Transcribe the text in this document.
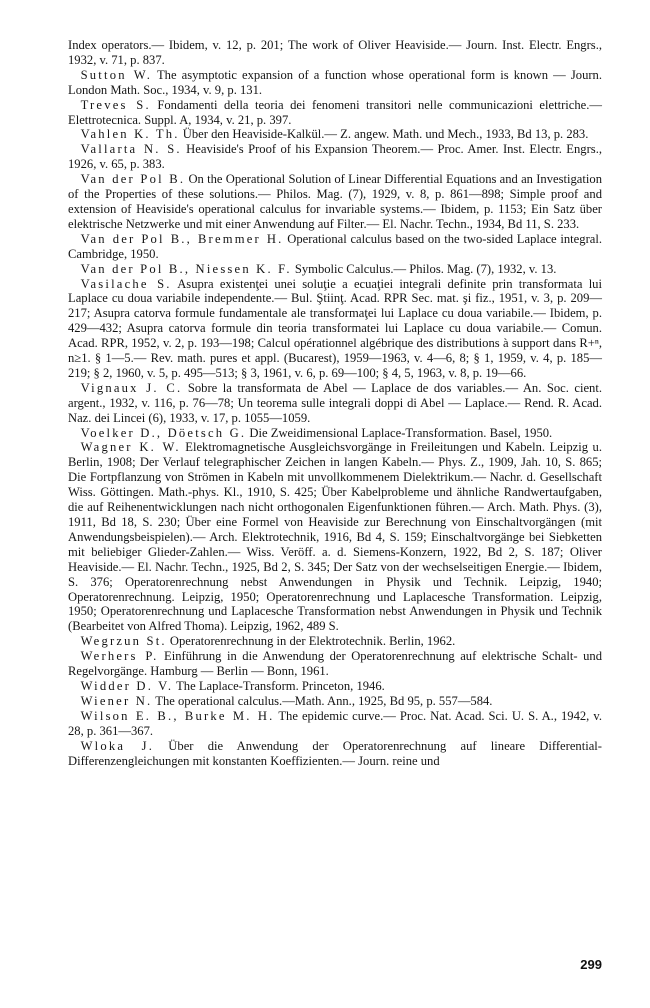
Index operators.— Ibidem, v. 12, p. 201; The work of Oliver Heaviside.— Journ. Inst. Electr. Engrs., 1932, v. 71, p. 837.

 Sutton W. The asymptotic expansion of a function whose operational form is known — Journ. London Math. Soc., 1934, v. 9, p. 131.

 Treves S. Fondamenti della teoria dei fenomeni transitori nelle communicazioni elettriche.— Elettrotecnica. Suppl. A, 1934, v. 21, p. 397.

 Vahlen K. Th. Über den Heavisidе-Kalkül.— Z. angew. Math. und Mech., 1933, Bd 13, p. 283.

 Vallarta N. S. Heaviside's Proof of his Expansion Theorem.— Proc. Amer. Inst. Electr. Engrs., 1926, v. 65, p. 383.

 Van der Pol B. On the Operational Solution of Linear Differential Equations and an Investigation of the Properties of these solutions.— Philos. Mag. (7), 1929, v. 8, p. 861—898; Simple proof and extension of Heaviside's operational calculus for invariable systems.— Ibidem, p. 1153; Ein Satz über elektrische Netzwerke und mit einer Anwendung auf Filter.— El. Nachr. Techn., 1934, Bd 11, S. 233.

 Van der Pol B., Bremmer H. Operational calculus based on the two-sided Laplace integral. Cambridge, 1950.

 Van der Pol B., Niessen K. F. Symbolic Calculus.— Philos. Mag. (7), 1932, v. 13.

 Vasilache S. Asupra existenţei unei soluţie a ecuaţiei integrali definite prin transformata lui Laplace cu doua variabile independente.— Bul. Ştiinţ. Acad. RPR Sec. mat. şi fiz., 1951, v. 3, p. 209—217; Asupra catorva formule fundamentale ale transformaţei lui Laplace cu doua variabile.— Ibidem, p. 429—432; Asupra catorva formule din teoria transformatei lui Laplace cu doua variabile.— Comun. Acad. RPR, 1952, v. 2, p. 193—198; Calcul opérationnel algébrique des distributions à support dans R+ⁿ, n≥1. § 1—5.— Rev. math. pures et appl. (Bucarest), 1959—1963, v. 4—6, 8; § 1, 1959, v. 4, p. 185—219; § 2, 1960, v. 5, p. 495—513; § 3, 1961, v. 6, p. 69—100; § 4, 5, 1963, v. 8, p. 19—66.

 Vignaux J. C. Sobre la transformata de Abel — Laplace de dos variables.— An. Soc. cient. argent., 1932, v. 116, p. 76—78; Un teorema sulle integrali doppi di Abel — Laplace.— Rend. R. Acad. Naz. dei Lincei (6), 1933, v. 17, p. 1055—1059.

 Voelker D., Döetsch G. Die Zweidimensional Laplace-Transformation. Basel, 1950.

 Wagner K. W. Elektromagnetische Ausgleichsvorgänge in Freileitungen und Kabeln. Leipzig u. Berlin, 1908; Der Verlauf telegraphischer Zeichen in langen Kabeln.— Phys. Z., 1909, Jah. 10, S. 865; Die Fortpflanzung von Strömen in Kabeln mit unvollkommenem Dielektrikum.— Nachr. d. Gesellschaft Wiss. Göttingen. Math.-phys. Kl., 1910, S. 425; Über Kabelprobleme und ähnliche Randwertaufgaben, die auf Reihenentwicklungen nach nicht orthogonalen Eigenfunktionen führen.— Arch. Math. Phys. (3), 1911, Bd 18, S. 230; Über eine Formel von Heaviside zur Berechnung von Einschaltvorgängen (mit Anwendungsbeispielen).— Arch. Elektrotechnik, 1916, Bd 4, S. 159; Einschaltvorgänge bei Siebketten mit beliebiger Glieder-Zahlen.— Wiss. Veröff. a. d. Siemens-Konzern, 1922, Bd 2, S. 187; Oliver Heaviside.— El. Nachr. Techn., 1925, Bd 2, S. 345; Der Satz von der wechselseitigen Energie.— Ibidem, S. 376; Operatorenrechnung nebst Anwendungen in Physik und Technik. Leipzig, 1940; Operatorenrechnung. Leipzig, 1950; Operatorenrechnung und Laplacesche Transformation. Leipzig, 1950; Operatorenrechnung und Laplacesche Transformation nebst Anwendungen in Physik und Technik (Bearbeitet von Alfred Thoma). Leipzig, 1962, 489 S.

 Wegrzun St. Operatorenrechnung in der Elektrotechnik. Berlin, 1962.

 Werhers P. Einführung in die Anwendung der Operatorenrechnung auf elektrische Schalt- und Regelvorgänge. Hamburg — Berlin — Bonn, 1961.

 Widder D. V. The Laplace-Transform. Princeton, 1946.

 Wiener N. The operational calculus.—Math. Ann., 1925, Bd 95, p. 557—584.

 Wilson E. B., Burke M. H. The epidemic curve.— Proc. Nat. Acad. Sci. U. S. A., 1942, v. 28, p. 361—367.

 Wloka J. Über die Anwendung der Operatorenrechnung auf lineare Differential-Differenzengleichungen mit konstanten Koeffizienten.— Journ. reine und

299
